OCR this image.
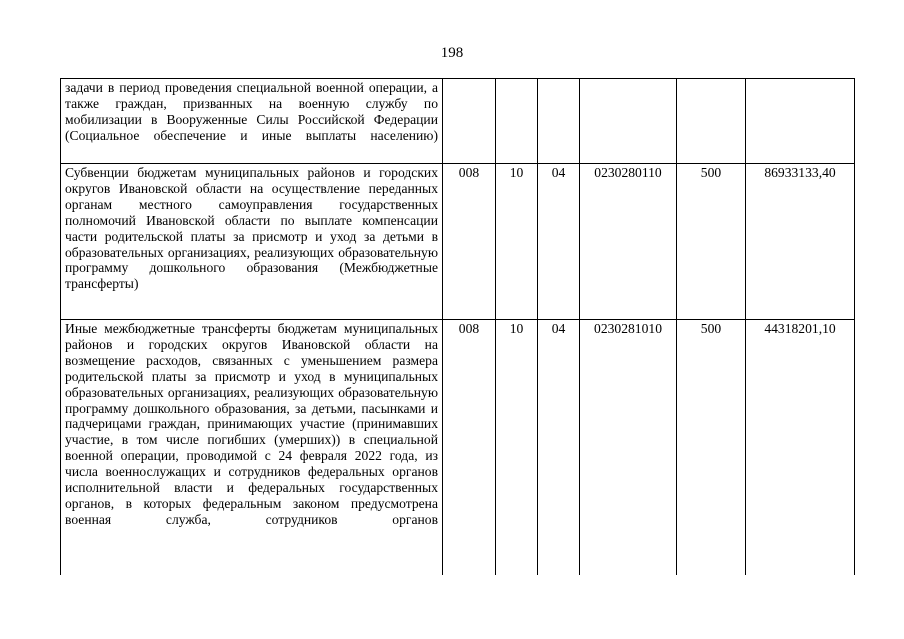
198
задачи в период проведения специальной военной операции, а также граждан, призванных на военную службу по мобилизации в Вооруженные Силы Российской Федерации (Социальное обеспечение и иные выплаты населению)						
Субвенции бюджетам муниципальных районов и городских округов Ивановской области на осуществление переданных органам местного самоуправления государственных полномочий Ивановской области по выплате компенсации части родительской платы за присмотр и уход за детьми в образовательных организациях, реализующих образовательную программу дошкольного образования (Межбюджетные трансферты)	008	10	04	0230280110	500	86933133,40
Иные межбюджетные трансферты бюджетам муниципальных районов и городских округов Ивановской области на возмещение расходов, связанных с уменьшением размера родительской платы за присмотр и уход в муниципальных образовательных организациях, реализующих образовательную программу дошкольного образования, за детьми, пасынками и падчерицами граждан, принимающих участие (принимавших участие, в том числе погибших (умерших)) в специальной военной операции, проводимой с 24 февраля 2022 года, из числа военнослужащих и сотрудников федеральных органов исполнительной власти и федеральных государственных органов, в которых федеральным законом предусмотрена военная служба, сотрудников органов	008	10	04	0230281010	500	44318201,10
